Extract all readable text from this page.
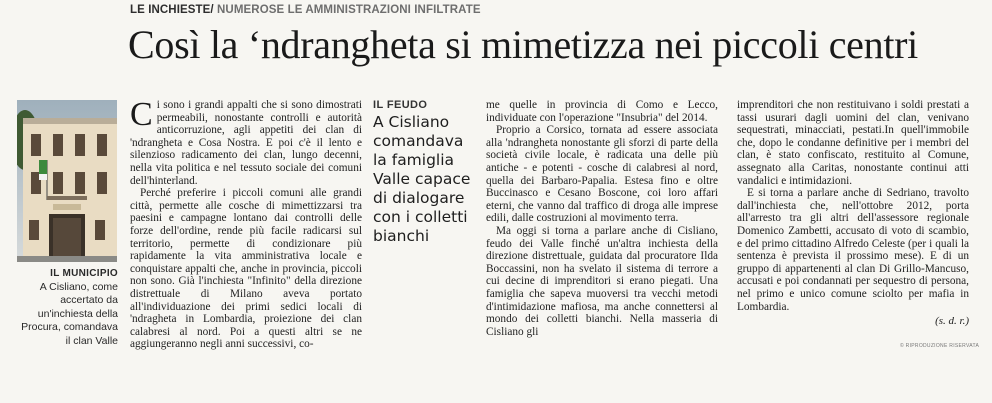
LE INCHIESTE/ NUMEROSE LE AMMINISTRAZIONI INFILTRATE
Così la ‘ndrangheta si mimetizza nei piccoli centri
IL MUNICIPIO
A Cisliano, come accertato da un'inchiesta della Procura, comandava il clan Valle

Ci sono i grandi appalti che si sono dimostrati permeabili, nonostante controlli e autorità anticorruzione, agli appetiti dei clan di 'ndrangheta e Cosa Nostra. E poi c'è il lento e silenzioso radicamento dei clan, lungo decenni, nella vita politica e nel tessuto sociale dei comuni dell'hinterland.

Perché preferire i piccoli comuni alle grandi città, permette alle cosche di mimettizzarsi tra paesini e campagne lontano dai controlli delle forze dell'ordine, rende più facile radicarsi sul territorio, permette di condizionare più rapidamente la vita amministrativa locale e conquistare appalti che, anche in provincia, piccoli non sono. Già l'inchiesta "Infinito" della direzione distrettuale di Milano aveva portato all'individuazione dei primi sedici locali di 'ndragheta in Lombardia, proiezione dei clan calabresi al nord. Poi a questi altri se ne aggiungeranno negli anni successivi, co-

IL FEUDO
A Cisliano comandava la famiglia Valle capace di dialogare con i colletti bianchi

me quelle in provincia di Como e Lecco, individuate con l'operazione "Insubria" del 2014.

Proprio a Corsico, tornata ad essere associata alla 'ndrangheta nonostante gli sforzi di parte della società civile locale, è radicata una delle più antiche - e potenti - cosche di calabresi al nord, quella dei Barbaro-Papalia. Estesa fino e oltre Buccinasco e Cesano Boscone, coi loro affari eterni, che vanno dal traffico di droga alle imprese edili, dalle costruzioni al movimento terra.

Ma oggi si torna a parlare anche di Cisliano, feudo dei Valle finché un'altra inchiesta della direzione distrettuale, guidata dal procuratore Ilda Boccassini, non ha svelato il sistema di terrore a cui decine di imprenditori si erano piegati. Una famiglia che sapeva muoversi tra vecchi metodi d'intimidazione mafiosa, ma anche connettersi al mondo dei colletti bianchi. Nella masseria di Cisliano gli

imprenditori che non restituivano i soldi prestati a tassi usurari dagli uomini del clan, venivano sequestrati, minacciati, pestati.In quell'immobile che, dopo le condanne definitive per i membri del clan, è stato confiscato, restituito al Comune, assegnato alla Caritas, nonostante continui atti vandalici e intimidazioni.

E si torna a parlare anche di Sedriano, travolto dall'inchiesta che, nell'ottobre 2012, porta all'arresto tra gli altri dell'assessore regionale Domenico Zambetti, accusato di voto di scambio, e del primo cittadino Alfredo Celeste (per i quali la sentenza è prevista il prossimo mese). E di un gruppo di appartenenti al clan Di Grillo-Mancuso, accusati e poi condannati per sequestro di persona, nel primo e unico comune sciolto per mafia in Lombardia.

(s. d. r.)
© RIPRODUZIONE RISERVATA
